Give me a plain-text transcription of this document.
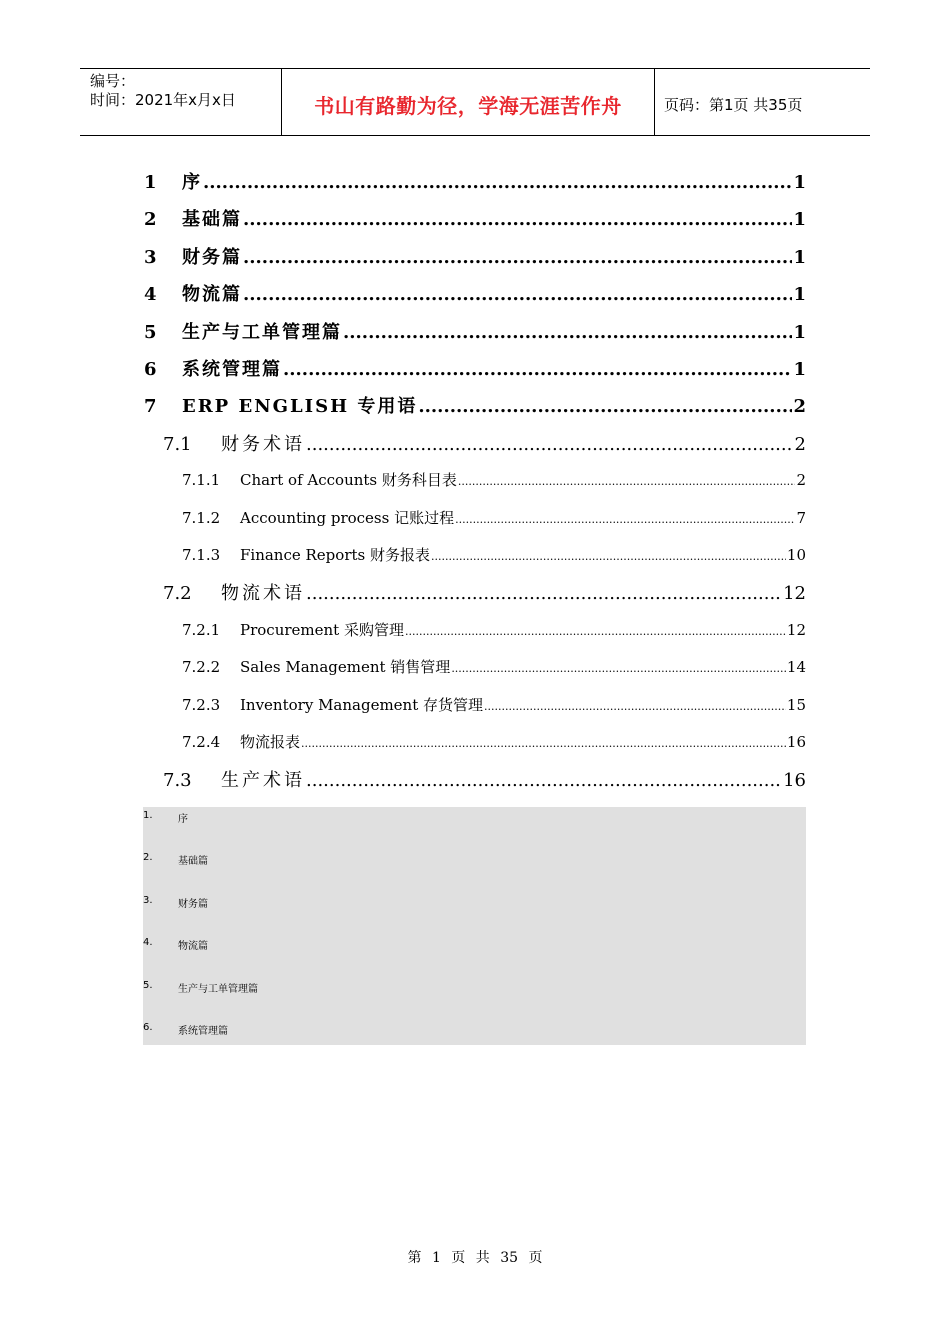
编号：
时间：2021年x月x日	书山有路勤为径，学海无涯苦作舟	页码：第1页 共35页
1	序 .....	1
2	基础篇 .....	1
3	财务篇 .....	1
4	物流篇 .....	1
5	生产与工单管理篇 .....	1
6	系统管理篇 .....	1
7	ERP ENGLISH 专用语 .....	2
7.1	财务术语 .....	2
7.1.1	Chart of Accounts 财务科目表 .....	2
7.1.2	Accounting process 记账过程 .....	7
7.1.3	Finance Reports 财务报表 .....	10
7.2	物流术语 .....	12
7.2.1	Procurement 采购管理 .....	12
7.2.2	Sales Management 销售管理 .....	14
7.2.3	Inventory Management 存货管理 .....	15
7.2.4	物流报表 .....	16
7.3	生产术语 .....	16
1.	序
2.	基础篇
3.	财务篇
4.	物流篇
5.	生产与工单管理篇
6.	系统管理篇
第 1 页 共 35 页
